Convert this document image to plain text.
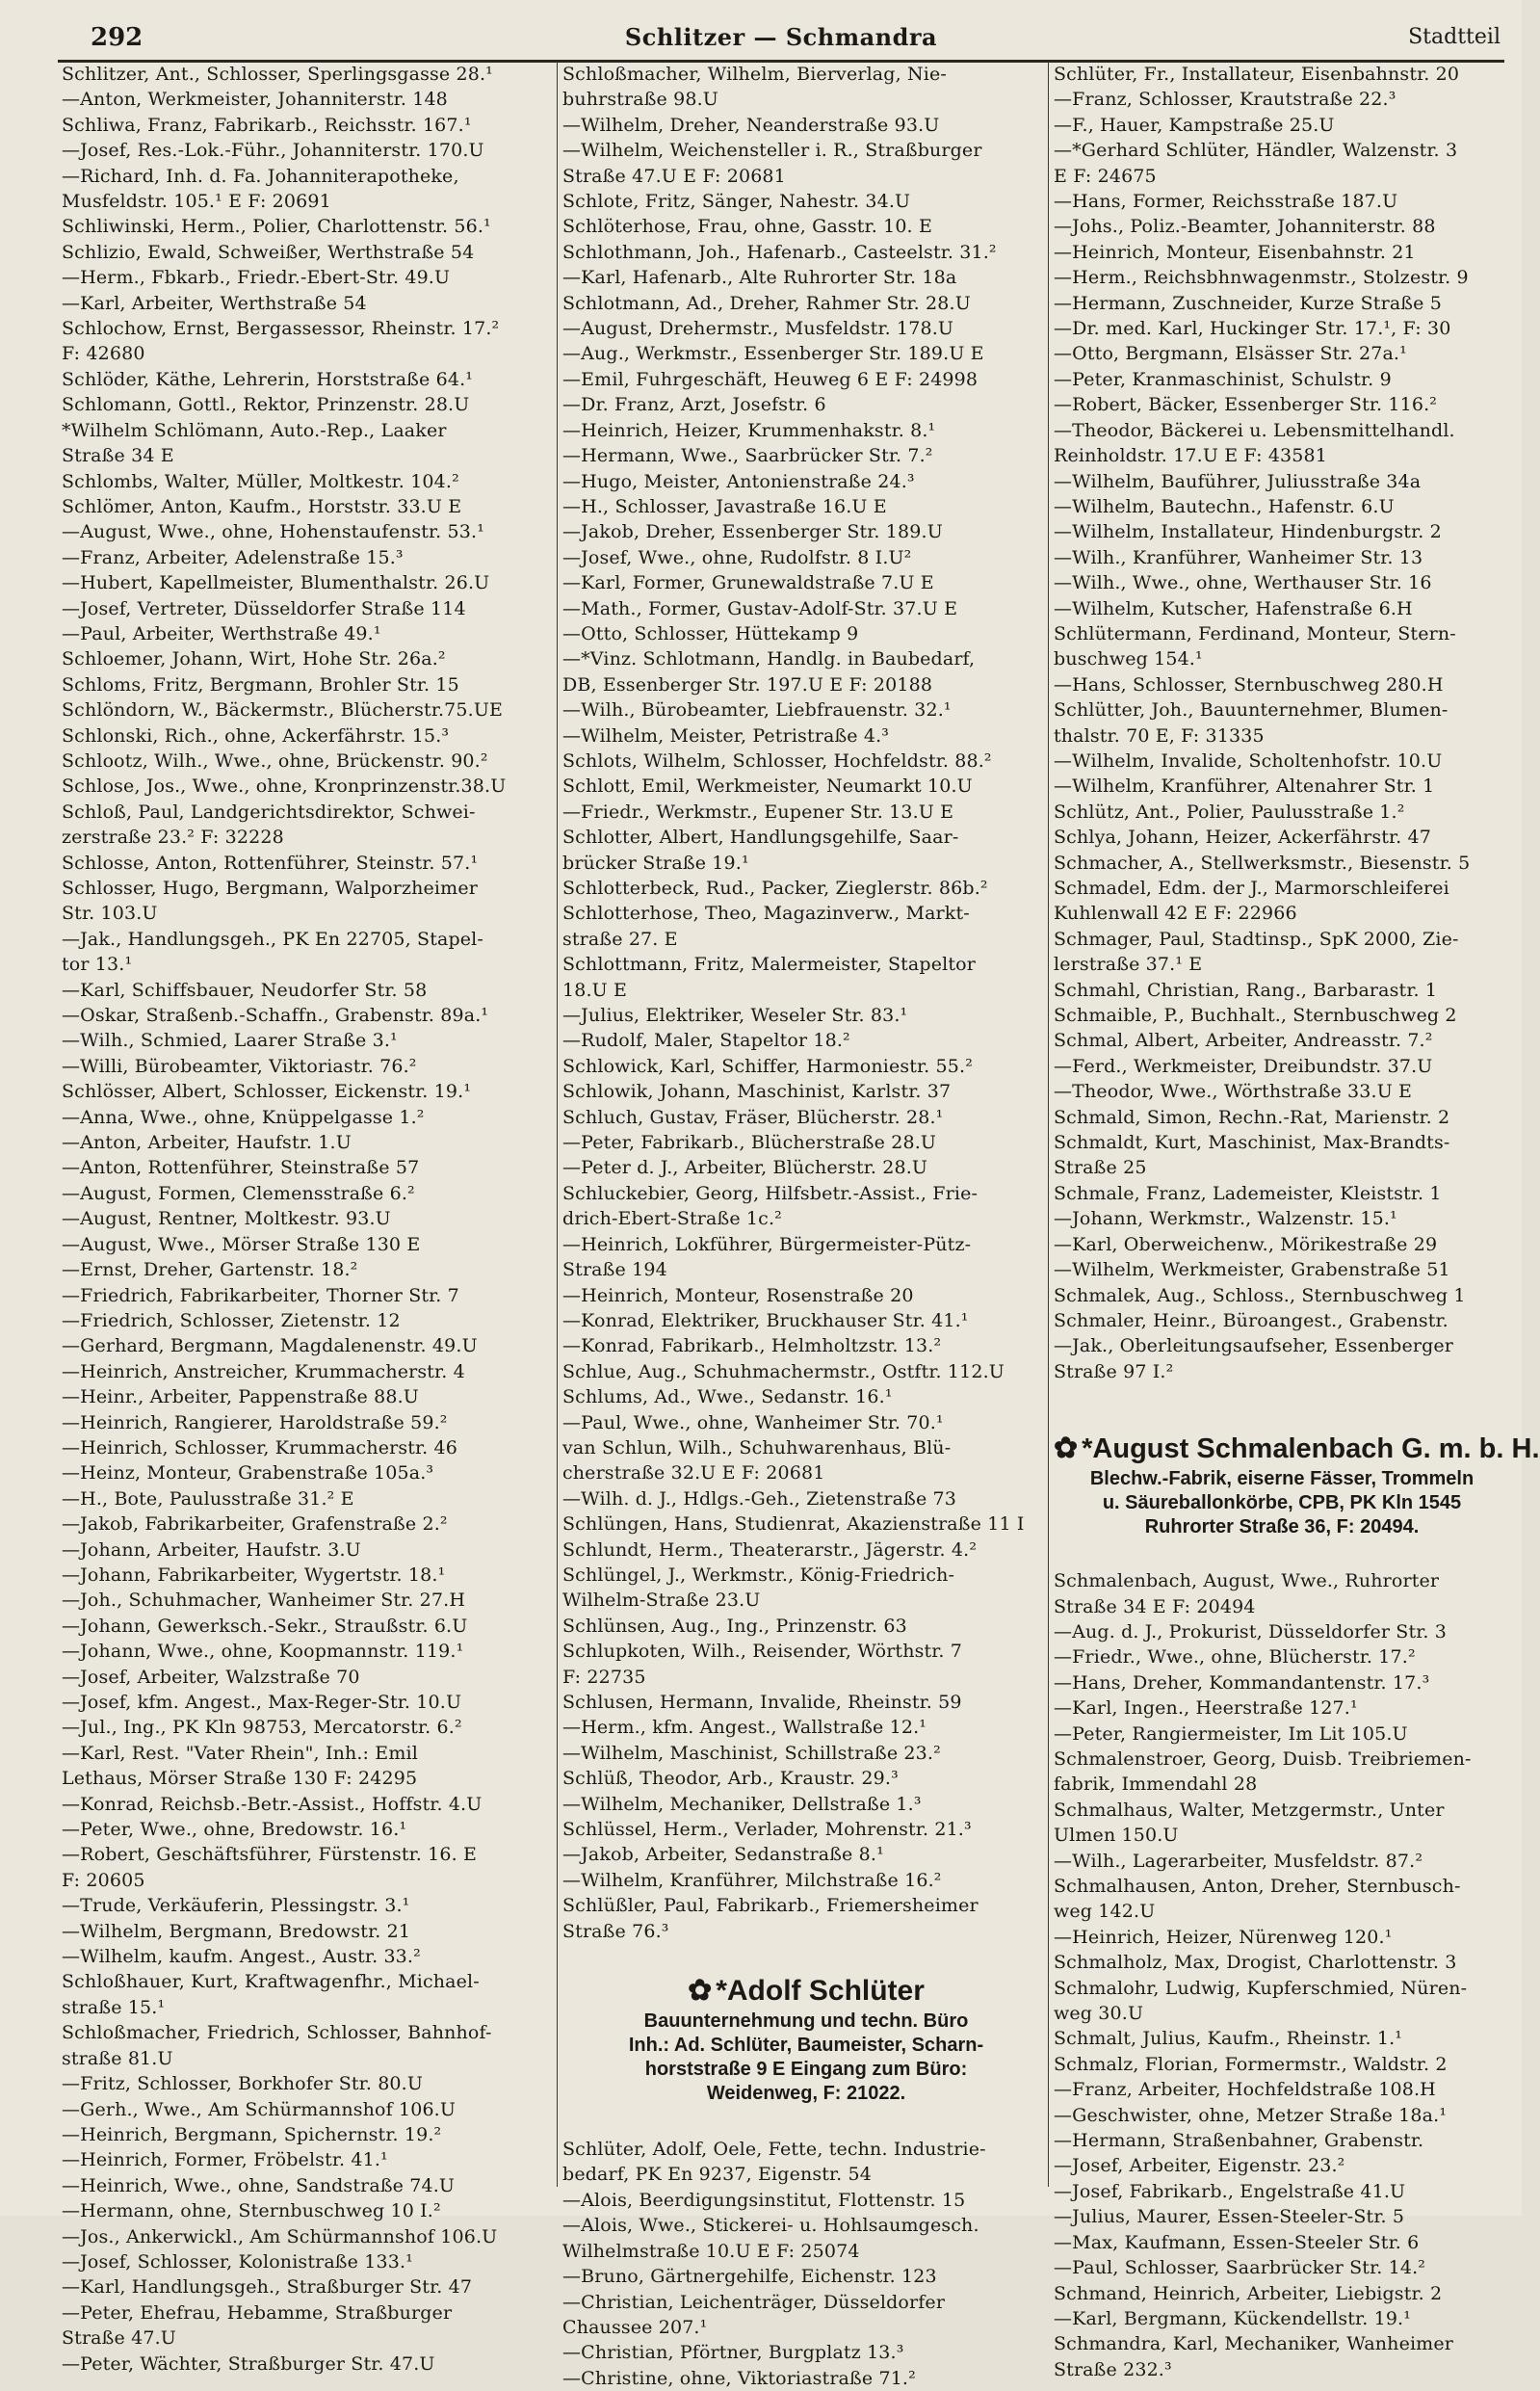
292	Schlitzer — Schmandra	Stadtteil
Schlitzer, Ant., Schlosser, Sperlingsgasse 28.¹
—Anton, Werkmeister, Johanniterstr. 148
Schliwa, Franz, Fabrikarb., Reichsstr. 167.¹
—Josef, Res.-Lok.-Führ., Johanniterstr. 170.U
—Richard, Inh. d. Fa. Johanniterapotheke,
Musfeldstr. 105.¹ E F: 20691
Schliwinski, Herm., Polier, Charlottenstr. 56.¹
Schlizio, Ewald, Schweißer, Werthstraße 54
—Herm., Fbkarb., Friedr.-Ebert-Str. 49.U
—Karl, Arbeiter, Werthstraße 54
Schlochow, Ernst, Bergassessor, Rheinstr. 17.²
F: 42680
Schlöder, Käthe, Lehrerin, Horststraße 64.¹
Schlomann, Gottl., Rektor, Prinzenstr. 28.U
*Wilhelm Schlömann, Auto.-Rep., Laaker
Straße 34 E
Schlombs, Walter, Müller, Moltkestr. 104.²
Schlömer, Anton, Kaufm., Horststr. 33.U E
—August, Wwe., ohne, Hohenstaufenstr. 53.¹
—Franz, Arbeiter, Adelenstraße 15.³
—Hubert, Kapellmeister, Blumenthalstr. 26.U
—Josef, Vertreter, Düsseldorfer Straße 114
—Paul, Arbeiter, Werthstraße 49.¹
Schloemer, Johann, Wirt, Hohe Str. 26a.²
Schloms, Fritz, Bergmann, Brohler Str. 15
Schlöndorn, W., Bäckermstr., Blücherstr.75.UE
Schlonski, Rich., ohne, Ackerfährstr. 15.³
Schlootz, Wilh., Wwe., ohne, Brückenstr. 90.²
Schlose, Jos., Wwe., ohne, Kronprinzenstr.38.U
Schloß, Paul, Landgerichtsdirektor, Schwei-
zerstraße 23.² F: 32228
Schlosse, Anton, Rottenführer, Steinstr. 57.¹
Schlosser, Hugo, Bergmann, Walporzheimer
Str. 103.U
—Jak., Handlungsgeh., PK En 22705, Stapel-
tor 13.¹
—Karl, Schiffsbauer, Neudorfer Str. 58
—Oskar, Straßenb.-Schaffn., Grabenstr. 89a.¹
—Wilh., Schmied, Laarer Straße 3.¹
—Willi, Bürobeamter, Viktoriastr. 76.²
Schlösser, Albert, Schlosser, Eickenstr. 19.¹
—Anna, Wwe., ohne, Knüppelgasse 1.²
—Anton, Arbeiter, Haufstr. 1.U
—Anton, Rottenführer, Steinstraße 57
—August, Formen, Clemensstraße 6.²
—August, Rentner, Moltkestr. 93.U
—August, Wwe., Mörser Straße 130 E
—Ernst, Dreher, Gartenstr. 18.²
—Friedrich, Fabrikarbeiter, Thorner Str. 7
—Friedrich, Schlosser, Zietenstr. 12
—Gerhard, Bergmann, Magdalenenstr. 49.U
—Heinrich, Anstreicher, Krummacherstr. 4
—Heinr., Arbeiter, Pappenstraße 88.U
—Heinrich, Rangierer, Haroldstraße 59.²
—Heinrich, Schlosser, Krummacherstr. 46
—Heinz, Monteur, Grabenstraße 105a.³
—H., Bote, Paulusstraße 31.² E
—Jakob, Fabrikarbeiter, Grafenstraße 2.²
—Johann, Arbeiter, Haufstr. 3.U
—Johann, Fabrikarbeiter, Wygertstr. 18.¹
—Joh., Schuhmacher, Wanheimer Str. 27.H
—Johann, Gewerksch.-Sekr., Straußstr. 6.U
—Johann, Wwe., ohne, Koopmannstr. 119.¹
—Josef, Arbeiter, Walzstraße 70
—Josef, kfm. Angest., Max-Reger-Str. 10.U
—Jul., Ing., PK Kln 98753, Mercatorstr. 6.²
—Karl, Rest. "Vater Rhein", Inh.: Emil
Lethaus, Mörser Straße 130 F: 24295
—Konrad, Reichsb.-Betr.-Assist., Hoffstr. 4.U
—Peter, Wwe., ohne, Bredowstr. 16.¹
—Robert, Geschäftsführer, Fürstenstr. 16. E
F: 20605
—Trude, Verkäuferin, Plessingstr. 3.¹
—Wilhelm, Bergmann, Bredowstr. 21
—Wilhelm, kaufm. Angest., Austr. 33.²
Schloßhauer, Kurt, Kraftwagenfhr., Michael-
straße 15.¹
Schloßmacher, Friedrich, Schlosser, Bahnhof-
straße 81.U
—Fritz, Schlosser, Borkhofer Str. 80.U
—Gerh., Wwe., Am Schürmannshof 106.U
—Heinrich, Bergmann, Spichernstr. 19.²
—Heinrich, Former, Fröbelstr. 41.¹
—Heinrich, Wwe., ohne, Sandstraße 74.U
—Hermann, ohne, Sternbuschweg 10 I.²
—Jos., Ankerwickl., Am Schürmannshof 106.U
—Josef, Schlosser, Kolonistraße 133.¹
—Karl, Handlungsgeh., Straßburger Str. 47
—Peter, Ehefrau, Hebamme, Straßburger
Straße 47.U
—Peter, Wächter, Straßburger Str. 47.U
Schloßmacher, Wilhelm, Bierverlag, Nie-
buhrstraße 98.U
—Wilhelm, Dreher, Neanderstraße 93.U
—Wilhelm, Weichensteller i. R., Straßburger
Straße 47.U E F: 20681
Schlote, Fritz, Sänger, Nahestr. 34.U
Schlöterhose, Frau, ohne, Gasstr. 10. E
Schlothmann, Joh., Hafenarb., Casteelstr. 31.²
—Karl, Hafenarb., Alte Ruhrorter Str. 18a
Schlotmann, Ad., Dreher, Rahmer Str. 28.U
—August, Drehermstr., Musfeldstr. 178.U
—Aug., Werkmstr., Essenberger Str. 189.U E
—Emil, Fuhrgeschäft, Heuweg 6 E F: 24998
—Dr. Franz, Arzt, Josefstr. 6
—Heinrich, Heizer, Krummenhakstr. 8.¹
—Hermann, Wwe., Saarbrücker Str. 7.²
—Hugo, Meister, Antonienstraße 24.³
—H., Schlosser, Javastraße 16.U E
—Jakob, Dreher, Essenberger Str. 189.U
—Josef, Wwe., ohne, Rudolfstr. 8 I.U²
—Karl, Former, Grunewaldstraße 7.U E
—Math., Former, Gustav-Adolf-Str. 37.U E
—Otto, Schlosser, Hüttekamp 9
—*Vinz. Schlotmann, Handlg. in Baubedarf,
DB, Essenberger Str. 197.U E F: 20188
—Wilh., Bürobeamter, Liebfrauenstr. 32.¹
—Wilhelm, Meister, Petristraße 4.³
Schlots, Wilhelm, Schlosser, Hochfeldstr. 88.²
Schlott, Emil, Werkmeister, Neumarkt 10.U
—Friedr., Werkmstr., Eupener Str. 13.U E
Schlotter, Albert, Handlungsgehilfe, Saar-
brücker Straße 19.¹
Schlotterbeck, Rud., Packer, Zieglerstr. 86b.²
Schlotterhose, Theo, Magazinverw., Markt-
straße 27. E
Schlottmann, Fritz, Malermeister, Stapeltor
18.U E
—Julius, Elektriker, Weseler Str. 83.¹
—Rudolf, Maler, Stapeltor 18.²
Schlowick, Karl, Schiffer, Harmoniestr. 55.²
Schlowik, Johann, Maschinist, Karlstr. 37
Schluch, Gustav, Fräser, Blücherstr. 28.¹
—Peter, Fabrikarb., Blücherstraße 28.U
—Peter d. J., Arbeiter, Blücherstr. 28.U
Schluckebier, Georg, Hilfsbetr.-Assist., Frie-
drich-Ebert-Straße 1c.²
—Heinrich, Lokführer, Bürgermeister-Pütz-
Straße 194
—Heinrich, Monteur, Rosenstraße 20
—Konrad, Elektriker, Bruckhauser Str. 41.¹
—Konrad, Fabrikarb., Helmholtzstr. 13.²
Schlue, Aug., Schuhmachermstr., Ostftr. 112.U
Schlums, Ad., Wwe., Sedanstr. 16.¹
—Paul, Wwe., ohne, Wanheimer Str. 70.¹
van Schlun, Wilh., Schuhwarenhaus, Blü-
cherstraße 32.U E F: 20681
—Wilh. d. J., Hdlgs.-Geh., Zietenstraße 73
Schlüngen, Hans, Studienrat, Akazienstraße 11 I
Schlundt, Herm., Theaterarstr., Jägerstr. 4.²
Schlüngel, J., Werkmstr., König-Friedrich-
Wilhelm-Straße 23.U
Schlünsen, Aug., Ing., Prinzenstr. 63
Schlupkoten, Wilh., Reisender, Wörthstr. 7
F: 22735
Schlusen, Hermann, Invalide, Rheinstr. 59
—Herm., kfm. Angest., Wallstraße 12.¹
—Wilhelm, Maschinist, Schillstraße 23.²
Schlüß, Theodor, Arb., Kraustr. 29.³
—Wilhelm, Mechaniker, Dellstraße 1.³
Schlüssel, Herm., Verlader, Mohrenstr. 21.³
—Jakob, Arbeiter, Sedanstraße 8.¹
—Wilhelm, Kranführer, Milchstraße 16.²
Schlüßler, Paul, Fabrikarb., Friemersheimer
Straße 76.³
✿ *Adolf Schlüter
Bauunternehmung und techn. Büro
Inh.: Ad. Schlüter, Baumeister, Scharn-
horststraße 9 E Eingang zum Büro:
Weidenweg, F: 21022.
Schlüter, Adolf, Oele, Fette, techn. Industrie-
bedarf, PK En 9237, Eigenstr. 54
—Alois, Beerdigungsinstitut, Flottenstr. 15
—Alois, Wwe., Stickerei- u. Hohlsaumgesch.
Wilhelmstraße 10.U E F: 25074
—Bruno, Gärtnergehilfe, Eichenstr. 123
—Christian, Leichenträger, Düsseldorfer
Chaussee 207.¹
—Christian, Pförtner, Burgplatz 13.³
—Christine, ohne, Viktoriastraße 71.²
Schlüter, Fr., Installateur, Eisenbahnstr. 20
—Franz, Schlosser, Krautstraße 22.³
—F., Hauer, Kampstraße 25.U
—*Gerhard Schlüter, Händler, Walzenstr. 3
E F: 24675
—Hans, Former, Reichsstraße 187.U
—Johs., Poliz.-Beamter, Johanniterstr. 88
—Heinrich, Monteur, Eisenbahnstr. 21
—Herm., Reichsbhnwagenmstr., Stolzestr. 9
—Hermann, Zuschneider, Kurze Straße 5
—Dr. med. Karl, Huckinger Str. 17.¹, F: 30
—Otto, Bergmann, Elsässer Str. 27a.¹
—Peter, Kranmaschinist, Schulstr. 9
—Robert, Bäcker, Essenberger Str. 116.²
—Theodor, Bäckerei u. Lebensmittelhandl.
Reinholdstr. 17.U E F: 43581
—Wilhelm, Bauführer, Juliusstraße 34a
—Wilhelm, Bautechn., Hafenstr. 6.U
—Wilhelm, Installateur, Hindenburgstr. 2
—Wilh., Kranführer, Wanheimer Str. 13
—Wilh., Wwe., ohne, Werthauser Str. 16
—Wilhelm, Kutscher, Hafenstraße 6.H
Schlütermann, Ferdinand, Monteur, Stern-
buschweg 154.¹
—Hans, Schlosser, Sternbuschweg 280.H
Schlütter, Joh., Bauunternehmer, Blumen-
thalstr. 70 E, F: 31335
—Wilhelm, Invalide, Scholtenhofstr. 10.U
—Wilhelm, Kranführer, Altenahrer Str. 1
Schlütz, Ant., Polier, Paulusstraße 1.²
Schlya, Johann, Heizer, Ackerfährstr. 47
Schmacher, A., Stellwerksmstr., Biesenstr. 5
Schmadel, Edm. der J., Marmorschleiferei
Kuhlenwall 42 E F: 22966
Schmager, Paul, Stadtinsp., SpK 2000, Zie-
lerstraße 37.¹ E
Schmahl, Christian, Rang., Barbarastr. 1
Schmaible, P., Buchhalt., Sternbuschweg 2
Schmal, Albert, Arbeiter, Andreasstr. 7.²
—Ferd., Werkmeister, Dreibundstr. 37.U
—Theodor, Wwe., Wörthstraße 33.U E
Schmald, Simon, Rechn.-Rat, Marienstr. 2
Schmaldt, Kurt, Maschinist, Max-Brandts-
Straße 25
Schmale, Franz, Lademeister, Kleiststr. 1
—Johann, Werkmstr., Walzenstr. 15.¹
—Karl, Oberweichenw., Mörikestraße 29
—Wilhelm, Werkmeister, Grabenstraße 51
Schmalek, Aug., Schloss., Sternbuschweg 1
Schmaler, Heinr., Büroangest., Grabenstr.
—Jak., Oberleitungsaufseher, Essenberger
Straße 97 I.²
✿ *August Schmalenbach G. m. b. H.
Blechw.-Fabrik, eiserne Fässer, Trommeln
u. Säureballonkörbe, CPB, PK Kln 1545
Ruhrorter Straße 36, F: 20494.
Schmalenbach, August, Wwe., Ruhrorter
Straße 34 E F: 20494
—Aug. d. J., Prokurist, Düsseldorfer Str. 3
—Friedr., Wwe., ohne, Blücherstr. 17.²
—Hans, Dreher, Kommandantenstr. 17.³
—Karl, Ingen., Heerstraße 127.¹
—Peter, Rangiermeister, Im Lit 105.U
Schmalenstroer, Georg, Duisb. Treibriemen-
fabrik, Immendahl 28
Schmalhaus, Walter, Metzgermstr., Unter
Ulmen 150.U
—Wilh., Lagerarbeiter, Musfeldstr. 87.²
Schmalhausen, Anton, Dreher, Sternbusch-
weg 142.U
—Heinrich, Heizer, Nürenweg 120.¹
Schmalholz, Max, Drogist, Charlottenstr. 3
Schmalohr, Ludwig, Kupferschmied, Nüren-
weg 30.U
Schmalt, Julius, Kaufm., Rheinstr. 1.¹
Schmalz, Florian, Formermstr., Waldstr. 2
—Franz, Arbeiter, Hochfeldstraße 108.H
—Geschwister, ohne, Metzer Straße 18a.¹
—Hermann, Straßenbahner, Grabenstr.
—Josef, Arbeiter, Eigenstr. 23.²
—Josef, Fabrikarb., Engelstraße 41.U
—Julius, Maurer, Essen-Steeler-Str. 5
—Max, Kaufmann, Essen-Steeler Str. 6
—Paul, Schlosser, Saarbrücker Str. 14.²
Schmand, Heinrich, Arbeiter, Liebigstr. 2
—Karl, Bergmann, Kückendellstr. 19.¹
Schmandra, Karl, Mechaniker, Wanheimer
Straße 232.³
